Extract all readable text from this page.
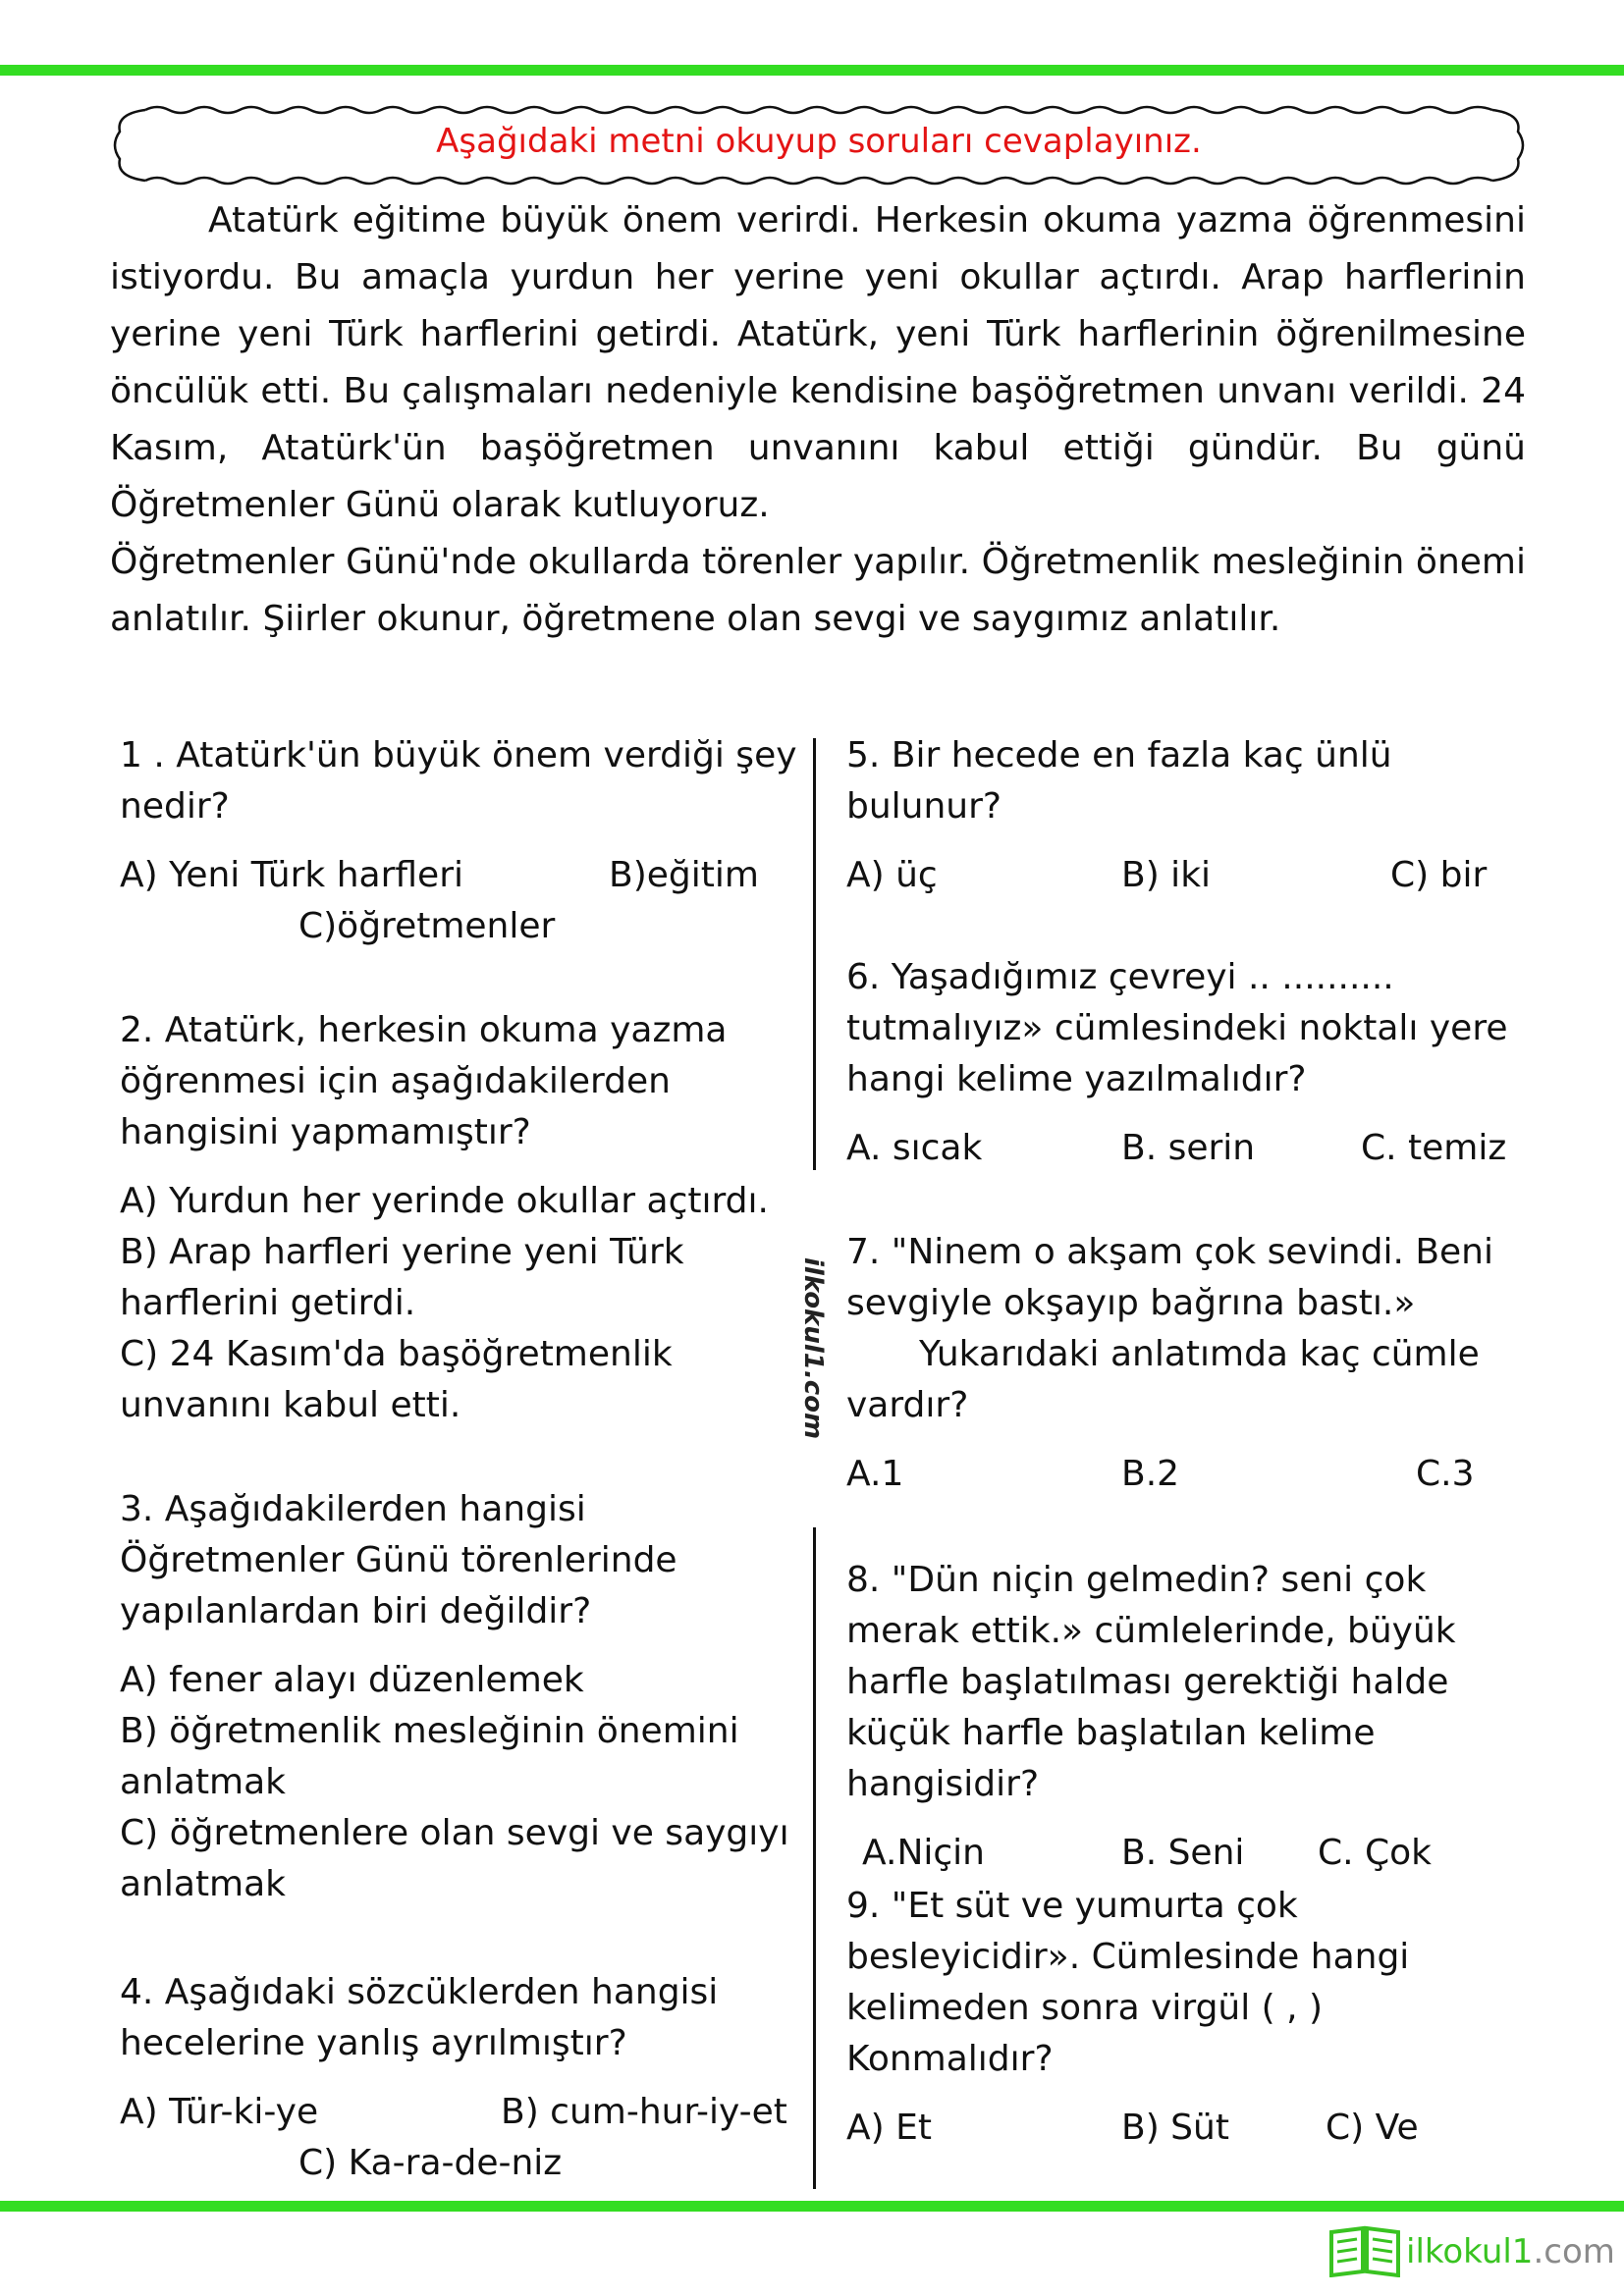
Aşağıdaki metni okuyup soruları cevaplayınız.

Atatürk eğitime büyük önem verirdi. Herkesin okuma yazma öğrenmesini istiyordu. Bu amaçla yurdun her yerine yeni okullar açtırdı. Arap harflerinin yerine yeni Türk harflerini getirdi. Atatürk, yeni Türk harflerinin öğrenilmesine öncülük etti. Bu çalışmaları nedeniyle kendisine başöğretmen unvanı verildi. 24 Kasım, Atatürk'ün başöğretmen unvanını kabul ettiği gündür. Bu günü Öğretmenler Günü olarak kutluyoruz.

Öğretmenler Günü'nde okullarda törenler yapılır. Öğretmenlik mesleğinin önemi anlatılır. Şiirler okunur, öğretmene olan sevgi ve saygımız anlatılır.

ilkokul1.com

1 . Atatürk'ün büyük önem verdiği şey nedir?

A) Yeni Türk harfleri	B)eğitim
C)öğretmenler

2. Atatürk, herkesin okuma yazma öğrenmesi için aşağıdakilerden hangisini yapmamıştır?

A) Yurdun her yerinde okullar açtırdı.

B) Arap harfleri yerine yeni Türk harflerini getirdi.

C) 24 Kasım'da başöğretmenlik unvanını kabul etti.

3. Aşağıdakilerden hangisi Öğretmenler Günü törenlerinde yapılanlardan biri değildir?

A) fener alayı düzenlemek

B) öğretmenlik mesleğinin önemini anlatmak

C) öğretmenlere olan sevgi ve saygıyı anlatmak

4. Aşağıdaki sözcüklerden hangisi hecelerine yanlış ayrılmıştır?

A) Tür-ki-ye	B) cum-hur-iy-et
C) Ka-ra-de-niz

5. Bir hecede en fazla kaç ünlü bulunur?

A) üç	B) iki	C) bir

6. Yaşadığımız çevreyi .. .......... tutmalıyız» cümlesindeki noktalı yere hangi kelime yazılmalıdır?

A. sıcak	B. serin	C. temiz

7. "Ninem o akşam çok sevindi. Beni sevgiyle okşayıp bağrına bastı.»

Yukarıdaki anlatımda kaç cümle vardır?

A.1	B.2	C.3

8. "Dün niçin gelmedin? seni çok merak ettik.» cümlelerinde, büyük harfle başlatılması gerektiği halde küçük harfle başlatılan kelime hangisidir?

A.Niçin	B. Seni C. Çok

9. "Et süt ve yumurta çok besleyicidir». Cümlesinde hangi kelimeden sonra virgül ( , ) Konmalıdır?

A) Et	B) Süt	C) Ve
ilkokul1.com
